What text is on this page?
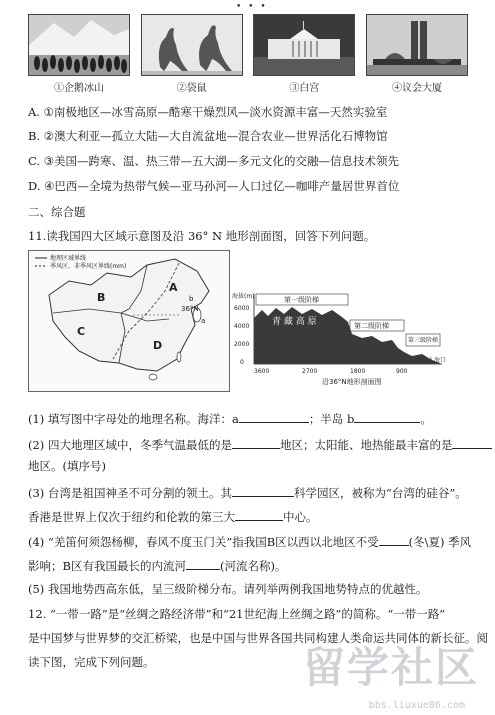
• • •
①企鹅冰山	②袋鼠	③白宫	④议会大厦
A. ①南极地区—冰雪高原—酷寒干燥烈风—淡水资源丰富—天然实验室
B. ②澳大利亚—孤立大陆—大自流盆地—混合农业—世界活化石博物馆
C. ③美国—跨寒、温、热三带—五大湖—多元文化的交融—信息技术领先
D. ④巴西—全境为热带气候—亚马孙河—人口过亿—咖啡产量居世界首位
二、综合题
11.读我国四大区域示意图及沿 36° N 地形剖面图，回答下列问题。
地理区域界线
季风区、非季风区界线(mm)
A
B
C
D
36°N
a
b	海拔(m)
6000
4000
2000
0
第一级阶梯
第二级阶梯
第三级阶梯
青 藏 高 原
3600	2700	1800	900
入海口
沿36°N地形剖面图
(1) 填写图中字母处的地理名称。海洋：a	；半岛 b	。
(2) 四大地理区域中，冬季气温最低的是	地区；太阳能、地热能最丰富的是
地区。(填序号)
(3) 台湾是祖国神圣不可分割的领土。其	科学园区，被称为“台湾的硅谷”。
香港是世界上仅次于纽约和伦敦的第三大	中心。
(4) “羌笛何须怨杨柳，春风不度玉门关”指我国B区以西以北地区不受	(冬\夏) 季风
影响；B区有我国最长的内流河	(河流名称)。
(5) 我国地势西高东低，呈三级阶梯分布。请列举两例我国地势特点的优越性。
12. “一带一路”是“丝绸之路经济带”和“21世纪海上丝绸之路”的简称。“一带一路”
是中国梦与世界梦的交汇桥梁，也是中国与世界各国共同构建人类命运共同体的新长征。阅
读下图，完成下列问题。	留学社区
bbs.liuxue86.com
